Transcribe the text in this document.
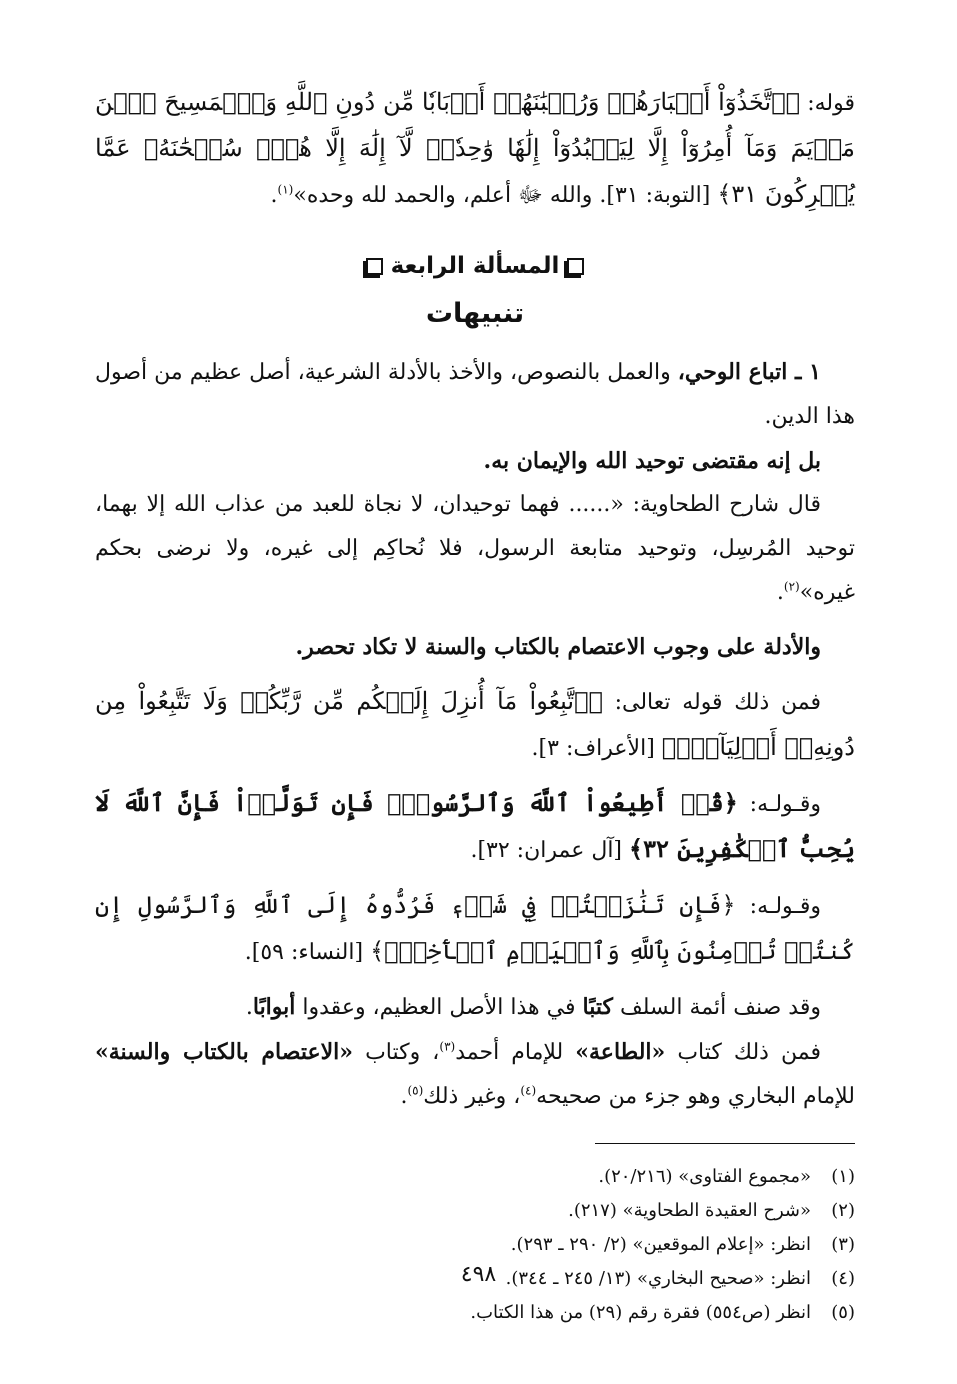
قوله: ﴿ٱتَّخَذُوٓاْ أَحۡبَارَهُمۡ وَرُهۡبَٰنَهُمۡ أَرۡبَابٗا مِّن دُونِ ٱللَّهِ وَٱلۡمَسِيحَ ٱبۡنَ مَرۡيَمَ وَمَآ أُمِرُوٓاْ إِلَّا لِيَعۡبُدُوٓاْ إِلَٰهٗا وَٰحِدٗاۖ لَّآ إِلَٰهَ إِلَّا هُوَۚ سُبۡحَٰنَهُۥ عَمَّا يُشۡرِكُونَ ٣١﴾ [التوبة: ٣١]. والله ﷻ أعلم، والحمد لله وحده»$^{(١)}$.

المسألة الرابعة
تنبيهات

١ ـ اتباع الوحي، والعمل بالنصوص، والأخذ بالأدلة الشرعية، أصل عظيم من أصول هذا الدين.

بل إنه مقتضى توحيد الله والإيمان به.

قال شارح الطحاوية: «...... فهما توحيدان، لا نجاة للعبد من عذاب الله إلا بهما، توحيد المُرسِل، وتوحيد متابعة الرسول، فلا نُحاكِم إلى غيره، ولا نرضى بحكم غيره»$^{(٢)}$.

والأدلة على وجوب الاعتصام بالكتاب والسنة لا تكاد تحصر.

فمن ذلك قوله تعالى: ﴿ٱتَّبِعُواْ مَآ أُنزِلَ إِلَيۡكُم مِّن رَّبِّكُمۡ وَلَا تَتَّبِعُواْ مِن دُونِهِۦٓ أَوۡلِيَآءَۗ﴾ [الأعراف: ٣].

وقـولـه: ﴿قُلۡ أَطِيعُواْ ٱللَّهَ وَٱلرَّسُولَۖ فَإِن تَوَلَّوۡاْ فَإِنَّ ٱللَّهَ لَا يُحِبُّ ٱلۡكَٰفِرِينَ ٣٢﴾ [آل عمران: ٣٢].

وقـولـه: ﴿فَإِن تَنَٰزَعۡتُمۡ فِي شَيۡءٖ فَرُدُّوهُ إِلَى ٱللَّهِ وَٱلرَّسُولِ إِن كُنتُمۡ تُؤۡمِنُونَ بِٱللَّهِ وَٱلۡيَوۡمِ ٱلۡأٓخِرِۚ﴾ [النساء: ٥٩].

وقد صنف أئمة السلف كتبًا في هذا الأصل العظيم، وعقدوا أبوابًا.

فمن ذلك كتاب «الطاعة» للإمام أحمد$^{(٣)}$، وكتاب «الاعتصام بالكتاب والسنة» للإمام البخاري وهو جزء من صحيحه$^{(٤)}$، وغير ذلك$^{(٥)}$.

(١)«مجموع الفتاوى» (٢٠/٢١٦).

(٢)«شرح العقيدة الطحاوية» (٢١٧).

(٣)انظر: «إعلام الموقعين» (٢/ ٢٩٠ ـ ٢٩٣).

(٤)انظر: «صحيح البخاري» (١٣/ ٢٤٥ ـ ٣٤٤).

(٥)انظر (ص٥٥٤) فقرة رقم (٢٩) من هذا الكتاب.

٤٩٨
